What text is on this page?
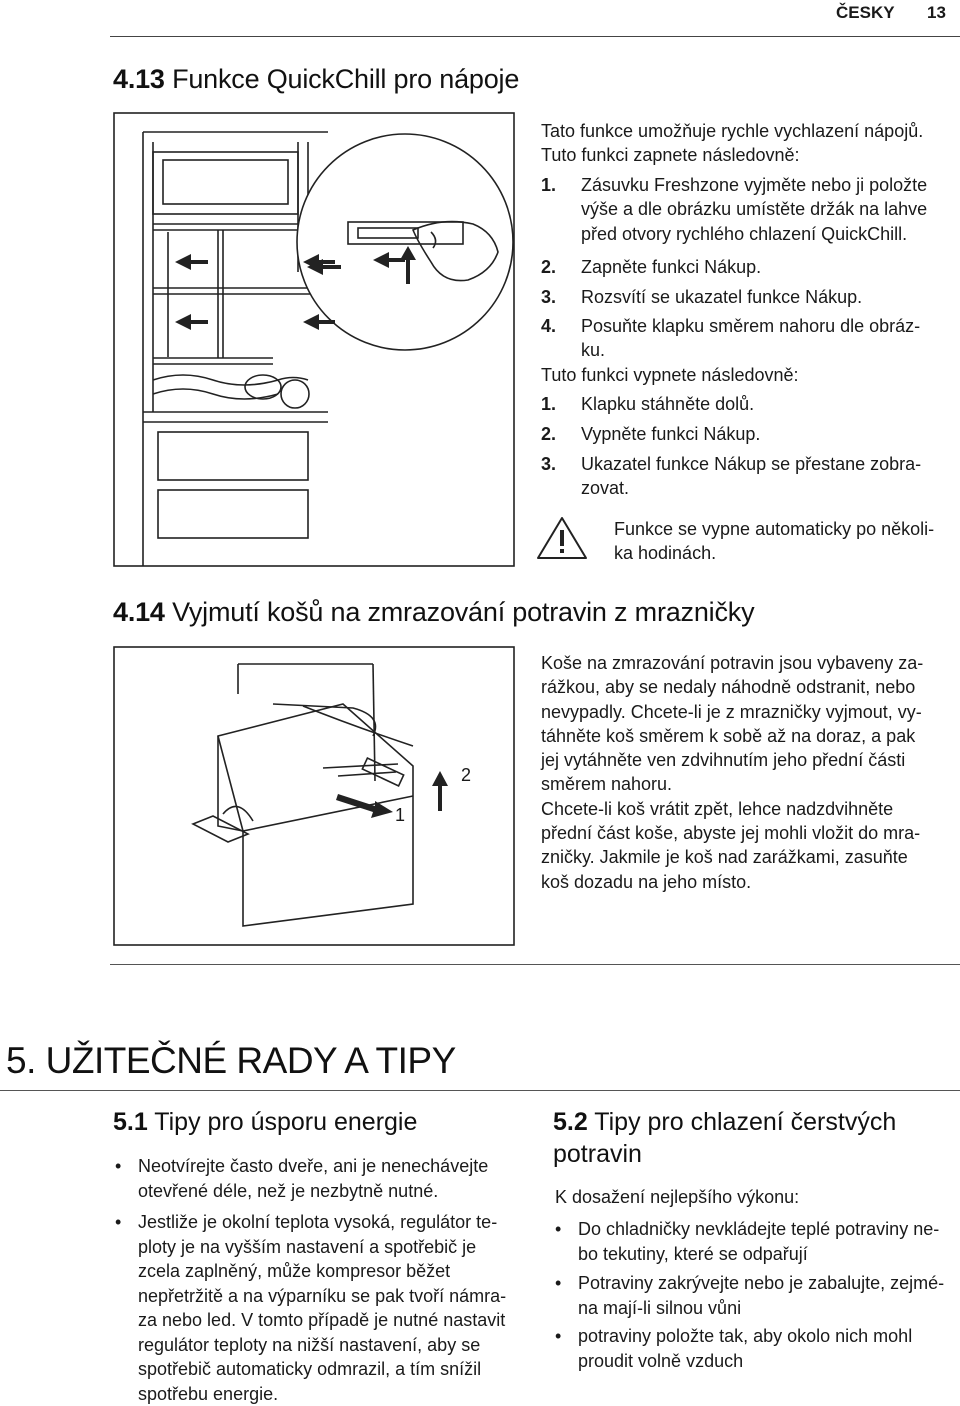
ČESKY 13
4.13 Funkce QuickChill pro nápoje
Tato funkce umožňuje rychle vychlazení nápojů.
Tuto funkci zapnete následovně:
1. Zásuvku Freshzone vyjměte nebo ji položte
výše a dle obrázku umístěte držák na lahve
před otvory rychlého chlazení QuickChill.
2. Zapněte funkci Nákup.
3. Rozsvítí se ukazatel funkce Nákup.
4. Posuňte klapku směrem nahoru dle obráz-
ku.
Tuto funkci vypnete následovně:
1. Klapku stáhněte dolů.
2. Vypněte funkci Nákup.
3. Ukazatel funkce Nákup se přestane zobra-
zovat.
Funkce se vypne automaticky po několi-
ka hodinách.
4.14 Vyjmutí košů na zmrazování potravin z mrazničky
1
2
Koše na zmrazování potravin jsou vybaveny za-
rážkou, aby se nedaly náhodně odstranit, nebo
nevypadly. Chcete-li je z mrazničky vyjmout, vy-
táhněte koš směrem k sobě až na doraz, a pak
jej vytáhněte ven zdvihnutím jeho přední části
směrem nahoru.
Chcete-li koš vrátit zpět, lehce nadzdvihněte
přední část koše, abyste jej mohli vložit do mra-
zničky. Jakmile je koš nad zarážkami, zasuňte
koš dozadu na jeho místo.
5. UŽITEČNÉ RADY A TIPY
5.1 Tipy pro úsporu energie
• Neotvírejte často dveře, ani je nenechávejte
otevřené déle, než je nezbytně nutné.
• Jestliže je okolní teplota vysoká, regulátor te-
ploty je na vyšším nastavení a spotřebič je
zcela zaplněný, může kompresor běžet
nepřetržitě a na výparníku se pak tvoří námra-
za nebo led. V tomto případě je nutné nastavit
regulátor teploty na nižší nastavení, aby se
spotřebič automaticky odmrazil, a tím snížil
spotřebu energie.
5.2 Tipy pro chlazení čerstvých
potravin
K dosažení nejlepšího výkonu:
• Do chladničky nevkládejte teplé potraviny ne-
bo tekutiny, které se odpařují
• Potraviny zakrývejte nebo je zabalujte, zejmé-
na mají-li silnou vůni
• potraviny položte tak, aby okolo nich mohl
proudit volně vzduch
